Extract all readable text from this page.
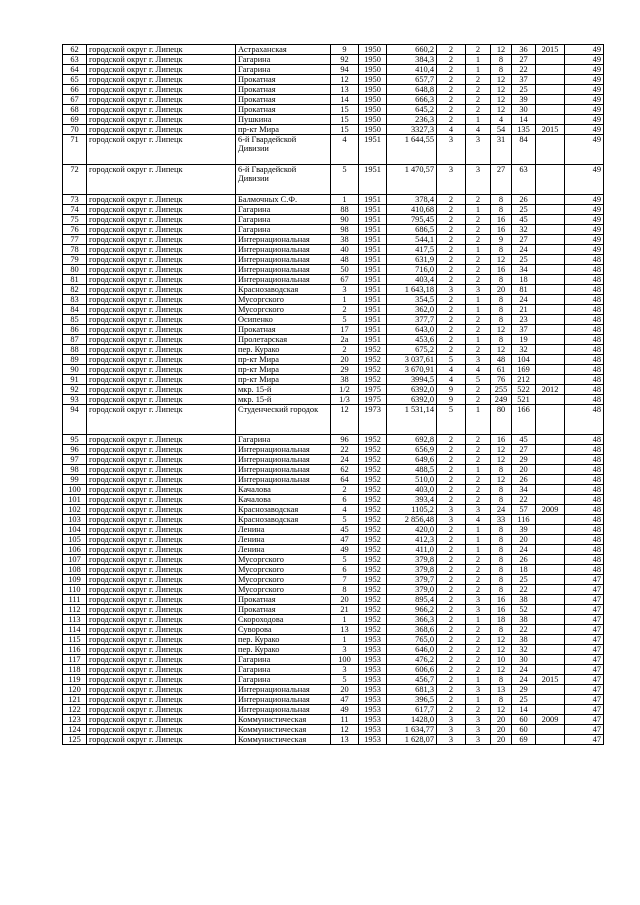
62	городской округ г. Липецк	Астраханская	9	1950	660,2	2	2	12	36	2015	49
63	городской округ г. Липецк	Гагарина	92	1950	384,3	2	1	8	27		49
64	городской округ г. Липецк	Гагарина	94	1950	410,4	2	1	8	22		49
65	городской округ г. Липецк	Прокатная	12	1950	657,7	2	2	12	37		49
66	городской округ г. Липецк	Прокатная	13	1950	648,8	2	2	12	25		49
67	городской округ г. Липецк	Прокатная	14	1950	666,3	2	2	12	39		49
68	городской округ г. Липецк	Прокатная	15	1950	645,2	2	2	12	30		49
69	городской округ г. Липецк	Пушкина	15	1950	236,3	2	1	4	14		49
70	городской округ г. Липецк	пр-кт Мира	15	1950	3327,3	4	4	54	135	2015	49
71	городской округ г. Липецк	6-й Гвардейской Дивизии	4	1951	1 644,55	3	3	31	84		49
72	городской округ г. Липецк	6-й Гвардейской Дивизии	5	1951	1 470,57	3	3	27	63		49
73	городской округ г. Липецк	Балмочных С.Ф.	1	1951	378,4	2	2	8	26		49
74	городской округ г. Липецк	Гагарина	88	1951	410,68	2	1	8	25		49
75	городской округ г. Липецк	Гагарина	90	1951	795,45	2	2	16	45		49
76	городской округ г. Липецк	Гагарина	98	1951	686,5	2	2	16	32		49
77	городской округ г. Липецк	Интернациональная	38	1951	544,1	2	2	9	27		49
78	городской округ г. Липецк	Интернациональная	40	1951	417,5	2	1	8	24		49
79	городской округ г. Липецк	Интернациональная	48	1951	631,9	2	2	12	25		48
80	городской округ г. Липецк	Интернациональная	50	1951	716,0	2	2	16	34		48
81	городской округ г. Липецк	Интернациональная	67	1951	403,4	2	2	8	18		48
82	городской округ г. Липецк	Краснозаводская	3	1951	1 643,18	3	3	20	81		48
83	городской округ г. Липецк	Мусоргского	1	1951	354,5	2	1	8	24		48
84	городской округ г. Липецк	Мусоргского	2	1951	362,0	2	1	8	21		48
85	городской округ г. Липецк	Осипенко	5	1951	377,7	2	2	8	23		48
86	городской округ г. Липецк	Прокатная	17	1951	643,0	2	2	12	37		48
87	городской округ г. Липецк	Пролетарская	2а	1951	453,6	2	1	8	19		48
88	городской округ г. Липецк	пер. Курако	2	1952	675,2	2	2	12	32		48
89	городской округ г. Липецк	пр-кт Мира	20	1952	3 037,61	5	3	48	104		48
90	городской округ г. Липецк	пр-кт Мира	29	1952	3 670,91	4	4	61	169		48
91	городской округ г. Липецк	пр-кт Мира	38	1952	3994,5	4	5	76	212		48
92	городской округ г. Липецк	мкр. 15-й	1/2	1975	6392,0	9	2	255	522	2012	48
93	городской округ г. Липецк	мкр. 15-й	1/3	1975	6392,0	9	2	249	521		48
94	городской округ г. Липецк	Студенческий городок	12	1973	1 531,14	5	1	80	166		48
95	городской округ г. Липецк	Гагарина	96	1952	692,8	2	2	16	45		48
96	городской округ г. Липецк	Интернациональная	22	1952	656,9	2	2	12	27		48
97	городской округ г. Липецк	Интернациональная	24	1952	649,6	2	2	12	29		48
98	городской округ г. Липецк	Интернациональная	62	1952	488,5	2	1	8	20		48
99	городской округ г. Липецк	Интернациональная	64	1952	510,0	2	2	12	26		48
100	городской округ г. Липецк	Качалова	2	1952	403,0	2	2	8	34		48
101	городской округ г. Липецк	Качалова	6	1952	393,4	2	2	8	22		48
102	городской округ г. Липецк	Краснозаводская	4	1952	1105,2	3	3	24	57	2009	48
103	городской округ г. Липецк	Краснозаводская	5	1952	2 856,48	3	4	33	116		48
104	городской округ г. Липецк	Ленина	45	1952	420,0	2	1	8	39		48
105	городской округ г. Липецк	Ленина	47	1952	412,3	2	1	8	20		48
106	городской округ г. Липецк	Ленина	49	1952	411,0	2	1	8	24		48
107	городской округ г. Липецк	Мусоргского	5	1952	379,8	2	2	8	26		48
108	городской округ г. Липецк	Мусоргского	6	1952	379,8	2	2	8	18		48
109	городской округ г. Липецк	Мусоргского	7	1952	379,7	2	2	8	25		47
110	городской округ г. Липецк	Мусоргского	8	1952	379,0	2	2	8	22		47
111	городской округ г. Липецк	Прокатная	20	1952	895,4	2	3	16	38		47
112	городской округ г. Липецк	Прокатная	21	1952	966,2	2	3	16	52		47
113	городской округ г. Липецк	Скороходова	1	1952	366,3	2	1	18	38		47
114	городской округ г. Липецк	Суворова	13	1952	368,6	2	2	8	22		47
115	городской округ г. Липецк	пер. Курако	1	1953	765,0	2	2	12	38		47
116	городской округ г. Липецк	пер. Курако	3	1953	646,0	2	2	12	32		47
117	городской округ г. Липецк	Гагарина	100	1953	476,2	2	2	10	30		47
118	городской округ г. Липецк	Гагарина	3	1953	606,6	2	2	12	24		47
119	городской округ г. Липецк	Гагарина	5	1953	456,7	2	1	8	24	2015	47
120	городской округ г. Липецк	Интернациональная	20	1953	681,3	2	3	13	29		47
121	городской округ г. Липецк	Интернациональная	47	1953	396,5	2	1	8	25		47
122	городской округ г. Липецк	Интернациональная	49	1953	617,7	2	2	12	14		47
123	городской округ г. Липецк	Коммунистическая	11	1953	1428,0	3	3	20	60	2009	47
124	городской округ г. Липецк	Коммунистическая	12	1953	1 634,77	3	3	20	60		47
125	городской округ г. Липецк	Коммунистическая	13	1953	1 628,07	3	3	20	69		47
